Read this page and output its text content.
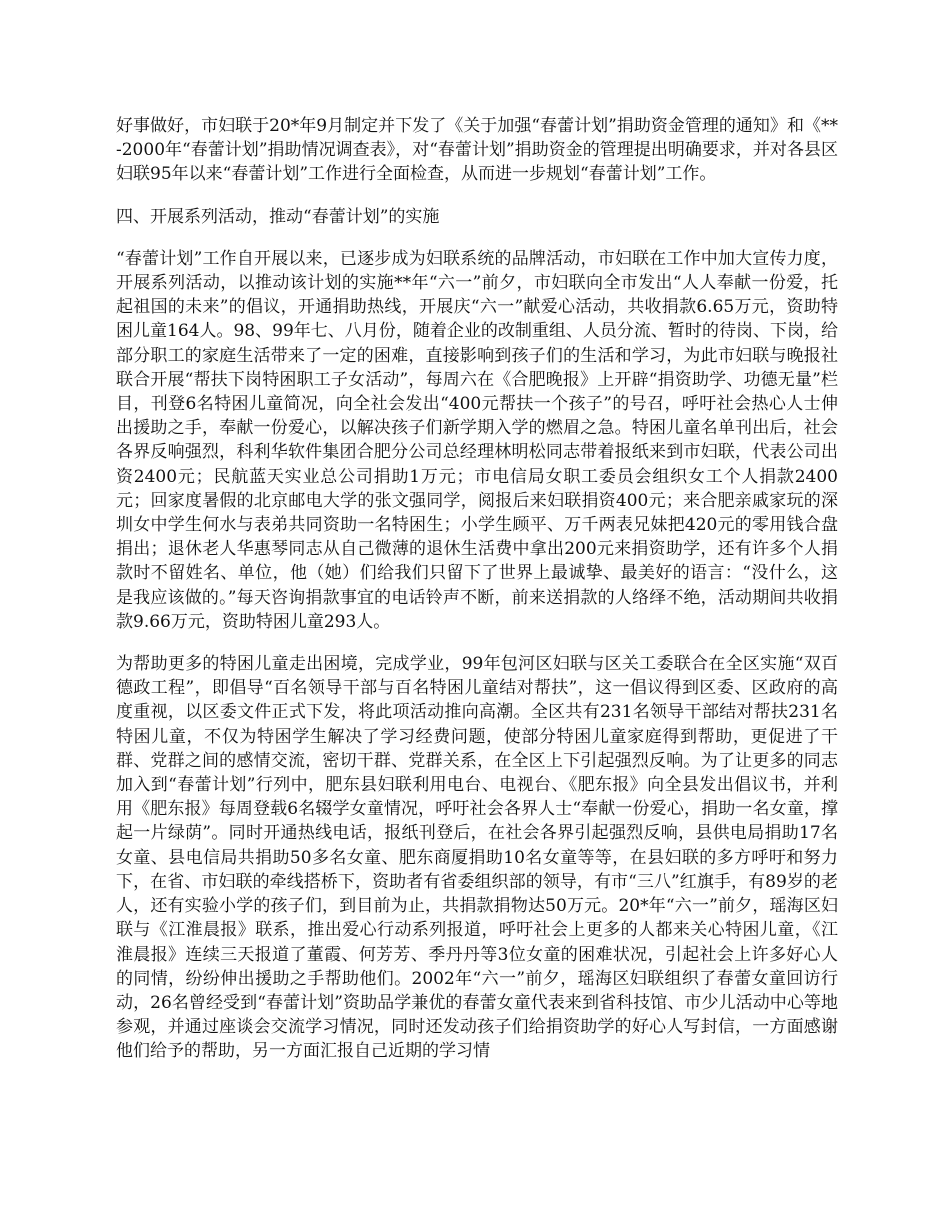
好事做好，市妇联于20*年9月制定并下发了《关于加强“春蕾计划”捐助资金管理的通知》和《**-2000年“春蕾计划”捐助情况调查表》，对“春蕾计划”捐助资金的管理提出明确要求，并对各县区妇联95年以来“春蕾计划”工作进行全面检查，从而进一步规划“春蕾计划”工作。

四、开展系列活动，推动“春蕾计划”的实施

“春蕾计划”工作自开展以来，已逐步成为妇联系统的品牌活动，市妇联在工作中加大宣传力度，开展系列活动，以推动该计划的实施**年“六一”前夕，市妇联向全市发出“人人奉献一份爱，托起祖国的未来”的倡议，开通捐助热线，开展庆“六一”献爱心活动，共收捐款6.65万元，资助特困儿童164人。98、99年七、八月份，随着企业的改制重组、人员分流、暂时的待岗、下岗，给部分职工的家庭生活带来了一定的困难，直接影响到孩子们的生活和学习，为此市妇联与晚报社联合开展“帮扶下岗特困职工子女活动”，每周六在《合肥晚报》上开辟“捐资助学、功德无量”栏目，刊登6名特困儿童简况，向全社会发出“400元帮扶一个孩子”的号召，呼吁社会热心人士伸出援助之手，奉献一份爱心，以解决孩子们新学期入学的燃眉之急。特困儿童名单刊出后，社会各界反响强烈，科利华软件集团合肥分公司总经理林明松同志带着报纸来到市妇联，代表公司出资2400元；民航蓝天实业总公司捐助1万元；市电信局女职工委员会组织女工个人捐款2400元；回家度暑假的北京邮电大学的张文强同学，阅报后来妇联捐资400元；来合肥亲戚家玩的深圳女中学生何水与表弟共同资助一名特困生；小学生顾平、万千两表兄妹把420元的零用钱合盘捐出；退休老人华惠琴同志从自己微薄的退休生活费中拿出200元来捐资助学，还有许多个人捐款时不留姓名、单位，他（她）们给我们只留下了世界上最诚挚、最美好的语言：“没什么，这是我应该做的。”每天咨询捐款事宜的电话铃声不断，前来送捐款的人络绎不绝，活动期间共收捐款9.66万元，资助特困儿童293人。

为帮助更多的特困儿童走出困境，完成学业，99年包河区妇联与区关工委联合在全区实施“双百德政工程”，即倡导“百名领导干部与百名特困儿童结对帮扶”，这一倡议得到区委、区政府的高度重视，以区委文件正式下发，将此项活动推向高潮。全区共有231名领导干部结对帮扶231名特困儿童，不仅为特困学生解决了学习经费问题，使部分特困儿童家庭得到帮助，更促进了干群、党群之间的感情交流，密切干群、党群关系，在全区上下引起强烈反响。为了让更多的同志加入到“春蕾计划”行列中，肥东县妇联利用电台、电视台、《肥东报》向全县发出倡议书，并利用《肥东报》每周登载6名辍学女童情况，呼吁社会各界人士“奉献一份爱心，捐助一名女童，撑起一片绿荫”。同时开通热线电话，报纸刊登后，在社会各界引起强烈反响，县供电局捐助17名女童、县电信局共捐助50多名女童、肥东商厦捐助10名女童等等，在县妇联的多方呼吁和努力下，在省、市妇联的牵线搭桥下，资助者有省委组织部的领导，有市“三八”红旗手，有89岁的老人，还有实验小学的孩子们，到目前为止，共捐款捐物达50万元。20*年“六一”前夕，瑶海区妇联与《江淮晨报》联系，推出爱心行动系列报道，呼吁社会上更多的人都来关心特困儿童，《江淮晨报》连续三天报道了董霞、何芳芳、季丹丹等3位女童的困难状况，引起社会上许多好心人的同情，纷纷伸出援助之手帮助他们。2002年“六一”前夕，瑶海区妇联组织了春蕾女童回访行动，26名曾经受到“春蕾计划”资助品学兼优的春蕾女童代表来到省科技馆、市少儿活动中心等地参观，并通过座谈会交流学习情况，同时还发动孩子们给捐资助学的好心人写封信，一方面感谢他们给予的帮助，另一方面汇报自己近期的学习情
